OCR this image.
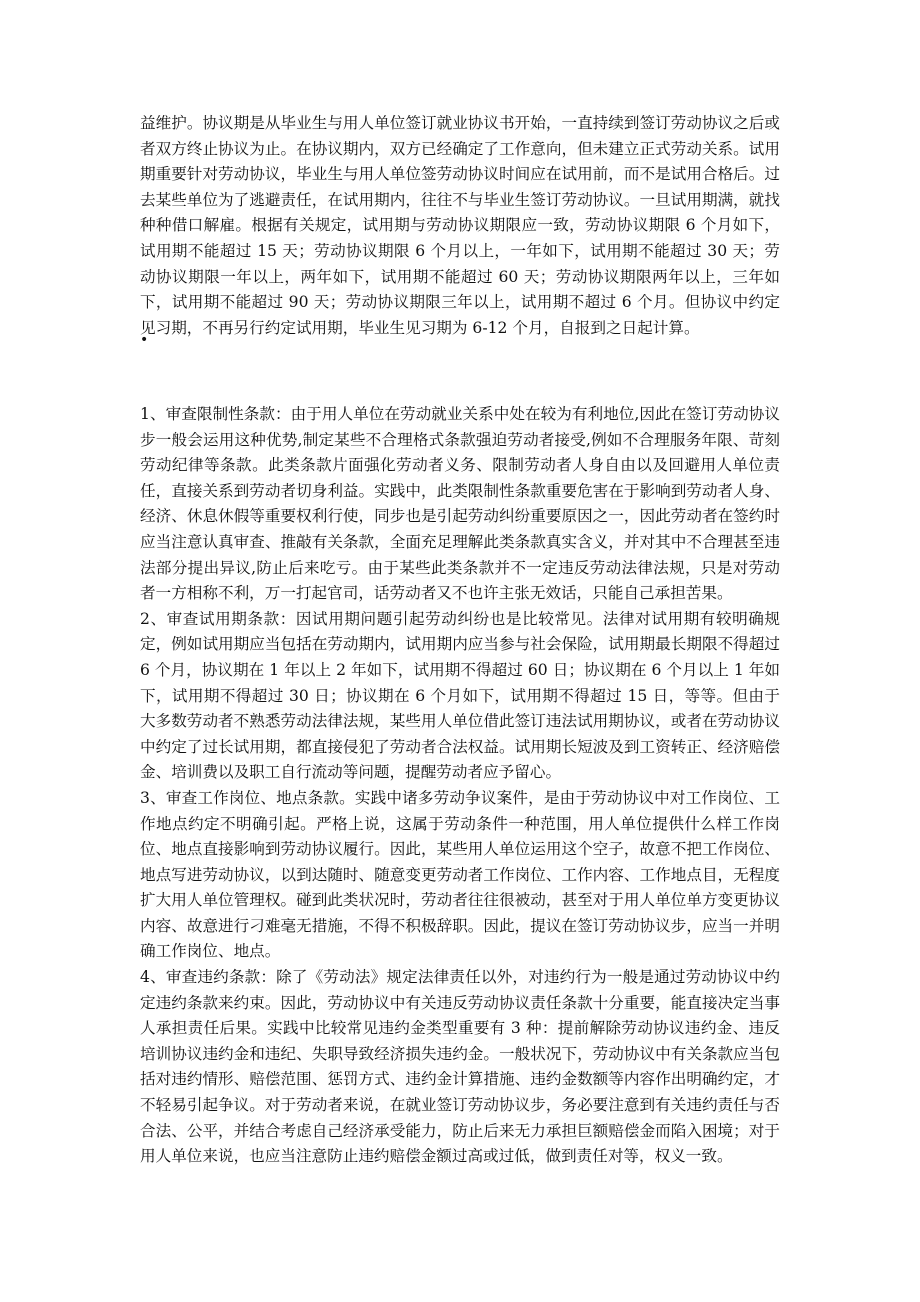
益维护。协议期是从毕业生与用人单位签订就业协议书开始，一直持续到签订劳动协议之后或者双方终止协议为止。在协议期内，双方已经确定了工作意向，但未建立正式劳动关系。试用期重要针对劳动协议，毕业生与用人单位签劳动协议时间应在试用前，而不是试用合格后。过去某些单位为了逃避责任，在试用期内，往往不与毕业生签订劳动协议。一旦试用期满，就找种种借口解雇。根据有关规定，试用期与劳动协议期限应一致，劳动协议期限 6 个月如下，试用期不能超过 15 天；劳动协议期限 6 个月以上，一年如下，试用期不能超过 30 天；劳动协议期限一年以上，两年如下，试用期不能超过 60 天；劳动协议期限两年以上，三年如下，试用期不能超过 90 天；劳动协议期限三年以上，试用期不超过 6 个月。但协议中约定见习期，不再另行约定试用期，毕业生见习期为 6-12 个月，自报到之日起计算。
•

1、审查限制性条款：由于用人单位在劳动就业关系中处在较为有利地位,因此在签订劳动协议步一般会运用这种优势,制定某些不合理格式条款强迫劳动者接受,例如不合理服务年限、苛刻劳动纪律等条款。此类条款片面强化劳动者义务、限制劳动者人身自由以及回避用人单位责任，直接关系到劳动者切身利益。实践中，此类限制性条款重要危害在于影响到劳动者人身、经济、休息休假等重要权利行使，同步也是引起劳动纠纷重要原因之一，因此劳动者在签约时应当注意认真审查、推敲有关条款，全面充足理解此类条款真实含义，并对其中不合理甚至违法部分提出异议,防止后来吃亏。由于某些此类条款并不一定违反劳动法律法规，只是对劳动者一方相称不利，万一打起官司，话劳动者又不也许主张无效话，只能自己承担苦果。

2、审查试用期条款：因试用期问题引起劳动纠纷也是比较常见。法律对试用期有较明确规定，例如试用期应当包括在劳动期内，试用期内应当参与社会保险，试用期最长期限不得超过 6 个月，协议期在 1 年以上 2 年如下，试用期不得超过 60 日；协议期在 6 个月以上 1 年如下，试用期不得超过 30 日；协议期在 6 个月如下，试用期不得超过 15 日，等等。但由于大多数劳动者不熟悉劳动法律法规，某些用人单位借此签订违法试用期协议，或者在劳动协议中约定了过长试用期，都直接侵犯了劳动者合法权益。试用期长短波及到工资转正、经济赔偿金、培训费以及职工自行流动等问题，提醒劳动者应予留心。

3、审查工作岗位、地点条款。实践中诸多劳动争议案件，是由于劳动协议中对工作岗位、工作地点约定不明确引起。严格上说，这属于劳动条件一种范围，用人单位提供什么样工作岗位、地点直接影响到劳动协议履行。因此，某些用人单位运用这个空子，故意不把工作岗位、地点写进劳动协议，以到达随时、随意变更劳动者工作岗位、工作内容、工作地点目，无程度扩大用人单位管理权。碰到此类状况时，劳动者往往很被动，甚至对于用人单位单方变更协议内容、故意进行刁难毫无措施，不得不积极辞职。因此，提议在签订劳动协议步，应当一并明确工作岗位、地点。

4、审查违约条款：除了《劳动法》规定法律责任以外，对违约行为一般是通过劳动协议中约定违约条款来约束。因此，劳动协议中有关违反劳动协议责任条款十分重要，能直接决定当事人承担责任后果。实践中比较常见违约金类型重要有 3 种：提前解除劳动协议违约金、违反培训协议违约金和违纪、失职导致经济损失违约金。一般状况下，劳动协议中有关条款应当包括对违约情形、赔偿范围、惩罚方式、违约金计算措施、违约金数额等内容作出明确约定，才不轻易引起争议。对于劳动者来说，在就业签订劳动协议步，务必要注意到有关违约责任与否合法、公平，并结合考虑自己经济承受能力，防止后来无力承担巨额赔偿金而陷入困境；对于用人单位来说，也应当注意防止违约赔偿金额过高或过低，做到责任对等，权义一致。
